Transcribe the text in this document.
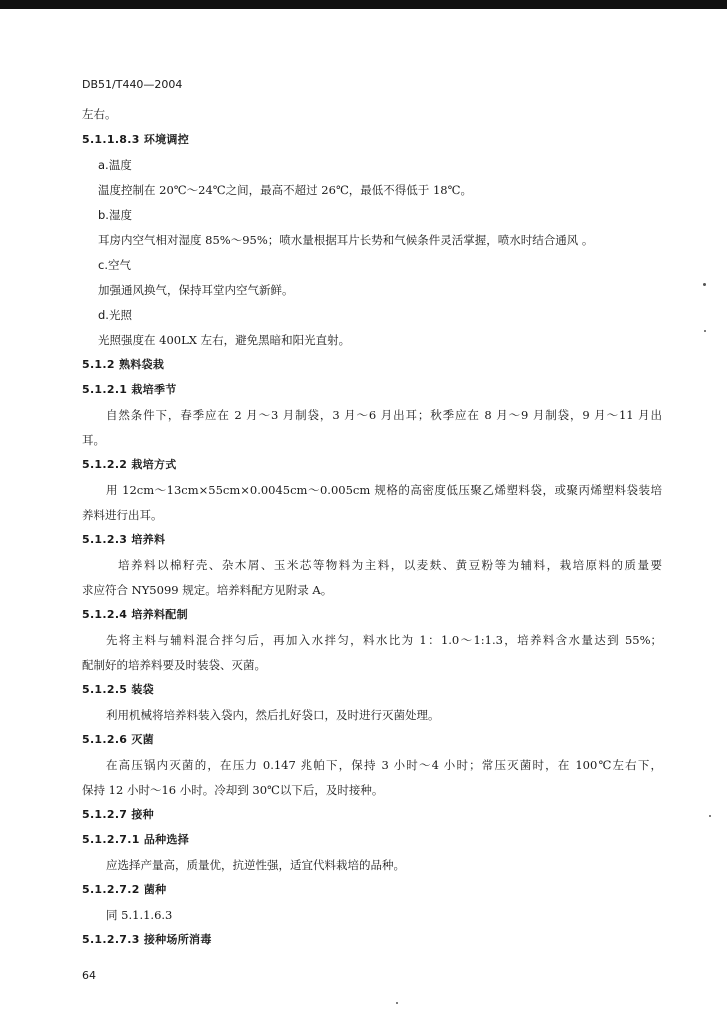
DB51/T440—2004
左右。
5.1.1.8.3 环境调控
a.温度
温度控制在 20℃～24℃之间，最高不超过 26℃，最低不得低于 18℃。
b.湿度
耳房内空气相对湿度 85%～95%；喷水量根据耳片长势和气候条件灵活掌握，喷水时结合通风 。
c.空气
加强通风换气，保持耳堂内空气新鲜。
d.光照
光照强度在 400LX 左右，避免黑暗和阳光直射。
5.1.2 熟料袋栽
5.1.2.1 栽培季节
自然条件下，春季应在 2 月～3 月制袋，3 月～6 月出耳；秋季应在 8 月～9 月制袋，9 月～11 月出
耳。
5.1.2.2 栽培方式
用 12cm～13cm×55cm×0.0045cm～0.005cm 规格的高密度低压聚乙烯塑料袋，或聚丙烯塑料袋装培
养料进行出耳。
5.1.2.3 培养料
培养料以棉籽壳、杂木屑、玉米芯等物料为主料，以麦麸、黄豆粉等为辅料，栽培原料的质量要
求应符合 NY5099 规定。培养料配方见附录 A。
5.1.2.4 培养料配制
先将主料与辅料混合拌匀后，再加入水拌匀，料水比为 1：1.0～1:1.3，培养料含水量达到 55%；
配制好的培养料要及时装袋、灭菌。
5.1.2.5 装袋
利用机械将培养料装入袋内，然后扎好袋口，及时进行灭菌处理。
5.1.2.6 灭菌
在高压锅内灭菌的，在压力 0.147 兆帕下，保持 3 小时～4 小时；常压灭菌时，在 100℃左右下，
保持 12 小时～16 小时。冷却到 30℃以下后，及时接种。
5.1.2.7 接种
5.1.2.7.1 品种选择
应选择产量高，质量优，抗逆性强，适宜代料栽培的品种。
5.1.2.7.2 菌种
同 5.1.1.6.3
5.1.2.7.3 接种场所消毒
64
